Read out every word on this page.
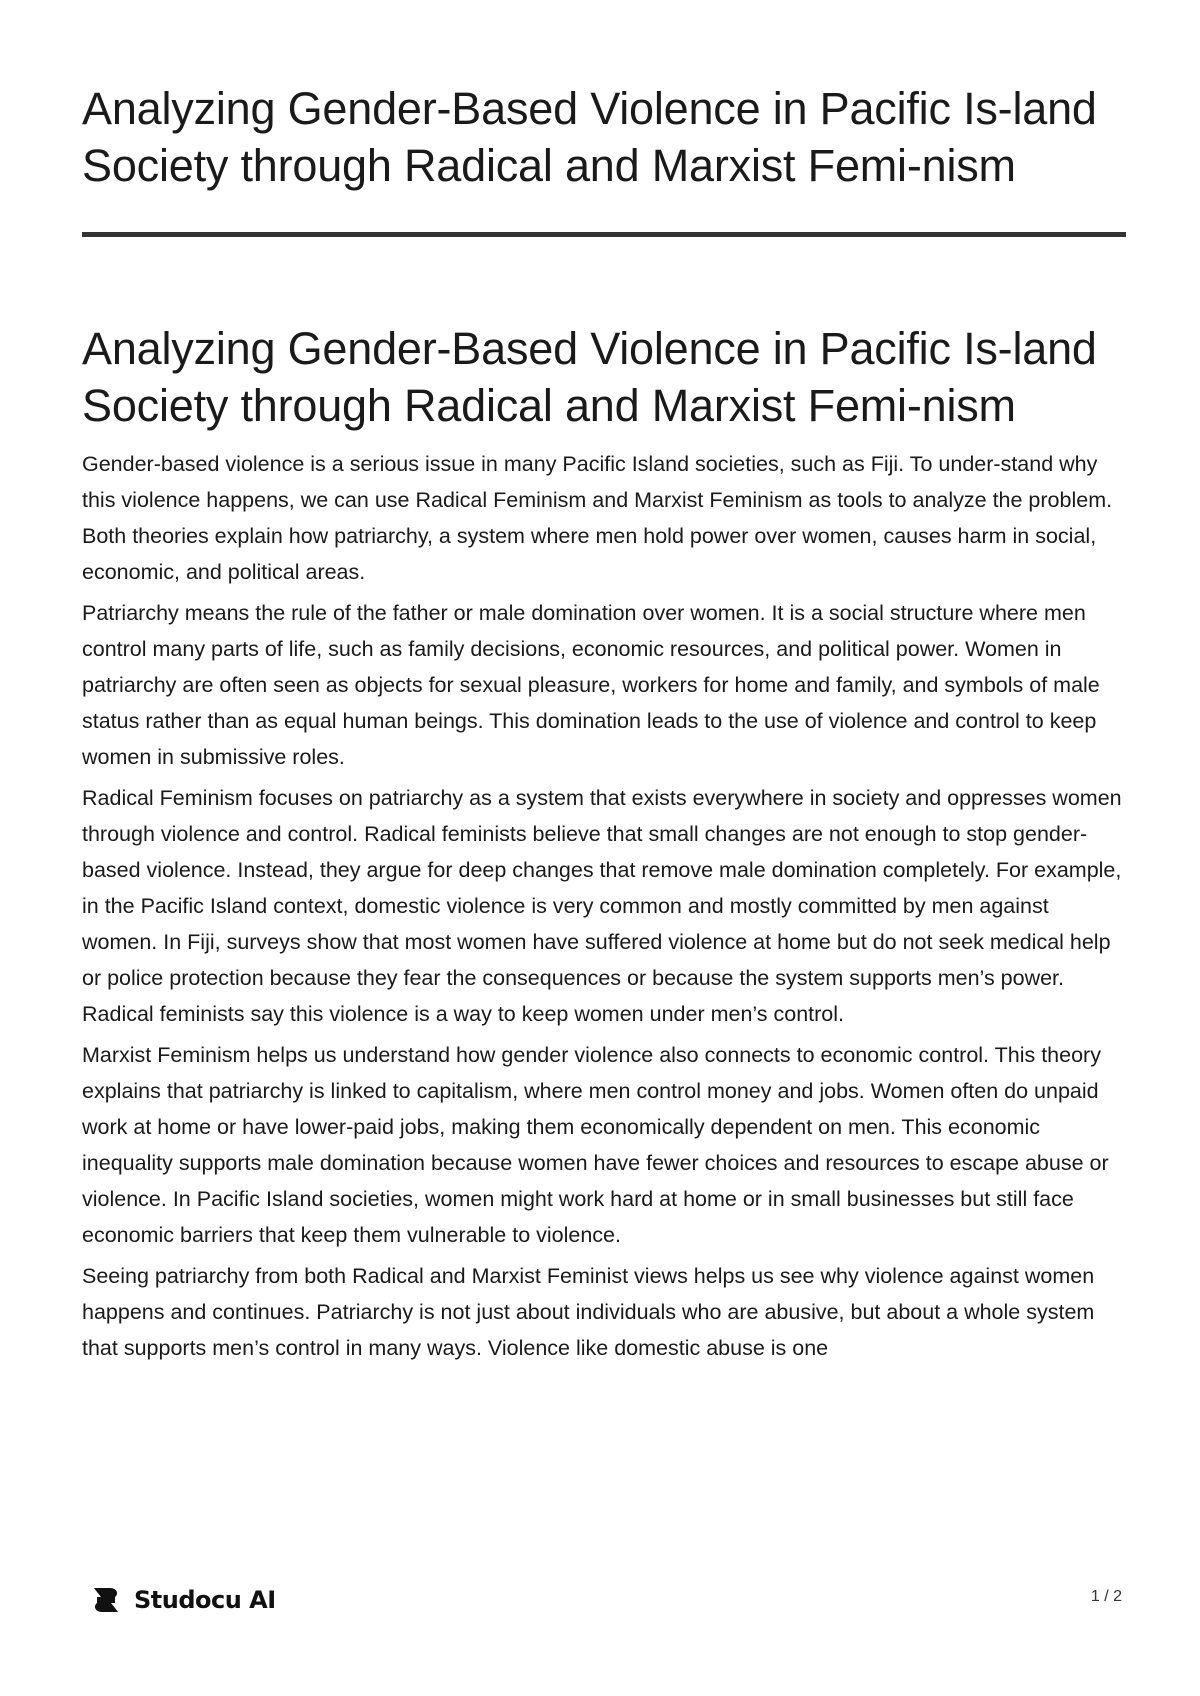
Analyzing Gender-Based Violence in Pacific Is-land Society through Radical and Marxist Femi-nism
Analyzing Gender-Based Violence in Pacific Is-land Society through Radical and Marxist Femi-nism

Gender-based violence is a serious issue in many Pacific Island societies, such as Fiji. To under-stand why this violence happens, we can use Radical Feminism and Marxist Feminism as tools to analyze the problem. Both theories explain how patriarchy, a system where men hold power over women, causes harm in social, economic, and political areas.

Patriarchy means the rule of the father or male domination over women. It is a social structure where men control many parts of life, such as family decisions, economic resources, and political power. Women in patriarchy are often seen as objects for sexual pleasure, workers for home and family, and symbols of male status rather than as equal human beings. This domination leads to the use of violence and control to keep women in submissive roles.

Radical Feminism focuses on patriarchy as a system that exists everywhere in society and oppresses women through violence and control. Radical feminists believe that small changes are not enough to stop gender-based violence. Instead, they argue for deep changes that remove male domination completely. For example, in the Pacific Island context, domestic violence is very common and mostly committed by men against women. In Fiji, surveys show that most women have suffered violence at home but do not seek medical help or police protection because they fear the consequences or because the system supports men’s power. Radical feminists say this violence is a way to keep women under men’s control.

Marxist Feminism helps us understand how gender violence also connects to economic control. This theory explains that patriarchy is linked to capitalism, where men control money and jobs. Women often do unpaid work at home or have lower-paid jobs, making them economically dependent on men. This economic inequality supports male domination because women have fewer choices and resources to escape abuse or violence. In Pacific Island societies, women might work hard at home or in small businesses but still face economic barriers that keep them vulnerable to violence.

Seeing patriarchy from both Radical and Marxist Feminist views helps us see why violence against women happens and continues. Patriarchy is not just about individuals who are abusive, but about a whole system that supports men’s control in many ways. Violence like domestic abuse is one

Studocu AI	1 / 2
